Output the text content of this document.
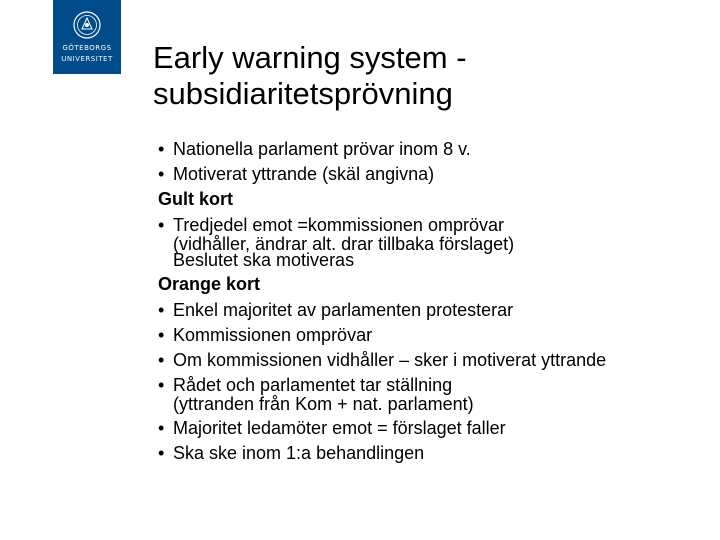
GÖTEBORGS
UNIVERSITET Early warning system -
subsidiaritetsprövning
• Nationella parlament prövar inom 8 v.
• Motiverat yttrande (skäl angivna)
Gult kort
• Tredjedel emot =kommissionen omprövar
(vidhåller, ändrar alt. drar tillbaka förslaget)
Beslutet ska motiveras
Orange kort
• Enkel majoritet av parlamenten protesterar
• Kommissionen omprövar
• Om kommissionen vidhåller – sker i motiverat yttrande
• Rådet och parlamentet tar ställning
(yttranden från Kom + nat. parlament)
• Majoritet ledamöter emot = förslaget faller
• Ska ske inom 1:a behandlingen
